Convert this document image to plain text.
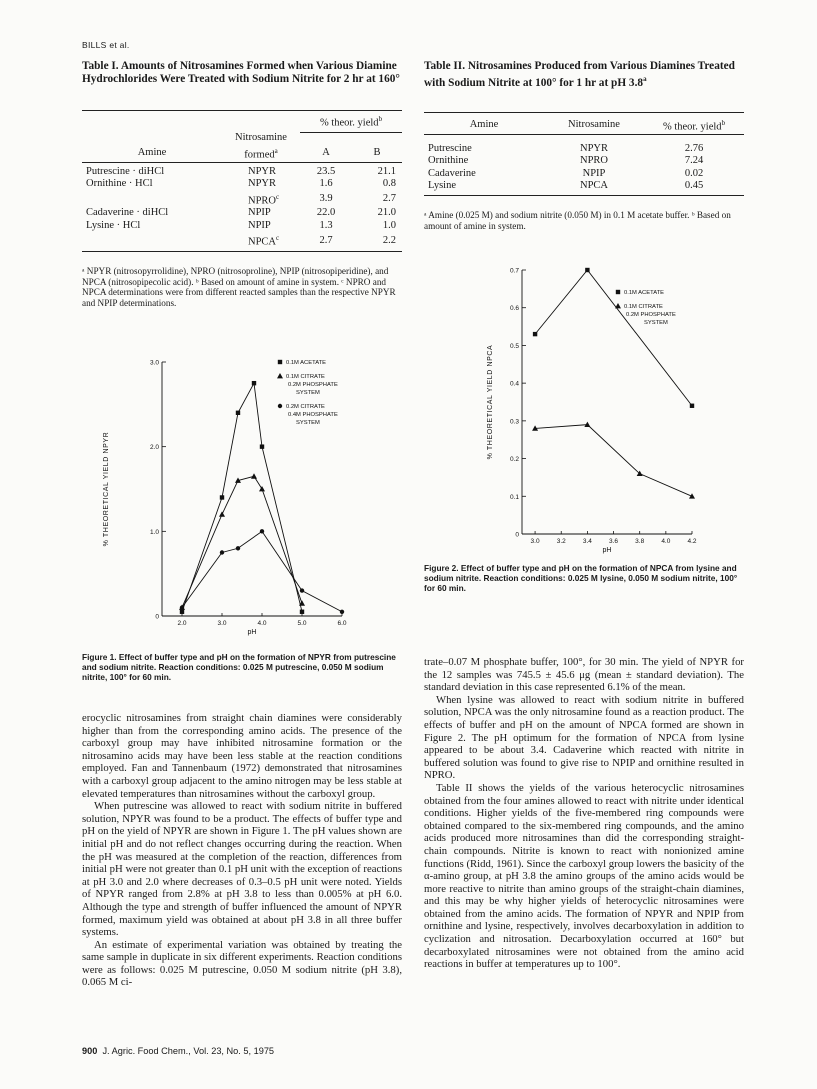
BILLS et al.
Table I. Amounts of Nitrosamines Formed when Various Diamine Hydrochlorides Were Treated with Sodium Nitrite for 2 hr at 160°
		% theor. yield$^b$
	Nitrosamine		
Amine	formed$^a$	A	B

Putrescine · diHCl	NPYR	23.5	21.1
Ornithine · HCl	NPYR	1.6	0.8
	NPRO$^c$	3.9	2.7
Cadaverine · diHCl	NPIP	22.0	21.0
Lysine · HCl	NPIP	1.3	1.0
	NPCA$^c$	2.7	2.2
ᵃ NPYR (nitrosopyrrolidine), NPRO (nitrosoproline), NPIP (nitrosopiperidine), and NPCA (nitrosopipecolic acid). ᵇ Based on amount of amine in system. ᶜ NPRO and NPCA determinations were from different reacted samples than the respective NPYR and NPIP determinations.
Table II. Nitrosamines Produced from Various Diamines Treated with Sodium Nitrite at 100° for 1 hr at pH 3.8$^a$
Amine	Nitrosamine	% theor. yield$^b$

Putrescine	NPYR	2.76
Ornithine	NPRO	7.24
Cadaverine	NPIP	0.02
Lysine	NPCA	0.45
ᵃ Amine (0.025 M) and sodium nitrite (0.050 M) in 0.1 M acetate buffer. ᵇ Based on amount of amine in system.
0
1.0
2.0
3.0
2.0	3.0	4.0	5.0	6.0
pH
% THEORETICAL YIELD NPYR
0.1M ACETATE
0.1M CITRATE
0.2M PHOSPHATE
SYSTEM
0.2M CITRATE
0.4M PHOSPHATE
SYSTEM
Figure 1. Effect of buffer type and pH on the formation of NPYR from putrescine and sodium nitrite. Reaction conditions: 0.025 M putrescine, 0.050 M sodium nitrite, 100° for 60 min.
0
0.1
0.2
0.3
0.4
0.5
0.6
0.7
3.0	3.2	3.4	3.6	3.8	4.0	4.2
pH
% THEORETICAL YIELD NPCA
0.1M ACETATE
0.1M CITRATE
0.2M PHOSPHATE
SYSTEM
Figure 2. Effect of buffer type and pH on the formation of NPCA from lysine and sodium nitrite. Reaction conditions: 0.025 M lysine, 0.050 M sodium nitrite, 100° for 60 min.

erocyclic nitrosamines from straight chain diamines were considerably higher than from the corresponding amino acids. The presence of the carboxyl group may have inhibited nitrosamine formation or the nitrosamino acids may have been less stable at the reaction conditions employed. Fan and Tannenbaum (1972) demonstrated that nitrosamines with a carboxyl group adjacent to the amino nitrogen may be less stable at elevated temperatures than nitrosamines without the carboxyl group.

When putrescine was allowed to react with sodium nitrite in buffered solution, NPYR was found to be a product. The effects of buffer type and pH on the yield of NPYR are shown in Figure 1. The pH values shown are initial pH and do not reflect changes occurring during the reaction. When the pH was measured at the completion of the reaction, differences from initial pH were not greater than 0.1 pH unit with the exception of reactions at pH 3.0 and 2.0 where decreases of 0.3–0.5 pH unit were noted. Yields of NPYR ranged from 2.8% at pH 3.8 to less than 0.005% at pH 6.0. Although the type and strength of buffer influenced the amount of NPYR formed, maximum yield was obtained at about pH 3.8 in all three buffer systems.

An estimate of experimental variation was obtained by treating the same sample in duplicate in six different experiments. Reaction conditions were as follows: 0.025 M putrescine, 0.050 M sodium nitrite (pH 3.8), 0.065 M ci-

trate–0.07 M phosphate buffer, 100°, for 30 min. The yield of NPYR for the 12 samples was 745.5 ± 45.6 μg (mean ± standard deviation). The standard deviation in this case represented 6.1% of the mean.

When lysine was allowed to react with sodium nitrite in buffered solution, NPCA was the only nitrosamine found as a reaction product. The effects of buffer and pH on the amount of NPCA formed are shown in Figure 2. The pH optimum for the formation of NPCA from lysine appeared to be about 3.4. Cadaverine which reacted with nitrite in buffered solution was found to give rise to NPIP and ornithine resulted in NPRO.

Table II shows the yields of the various heterocyclic nitrosamines obtained from the four amines allowed to react with nitrite under identical conditions. Higher yields of the five-membered ring compounds were obtained compared to the six-membered ring compounds, and the amino acids produced more nitrosamines than did the corresponding straight-chain compounds. Nitrite is known to react with nonionized amine functions (Ridd, 1961). Since the carboxyl group lowers the basicity of the α-amino group, at pH 3.8 the amino groups of the amino acids would be more reactive to nitrite than amino groups of the straight-chain diamines, and this may be why higher yields of heterocyclic nitrosamines were obtained from the amino acids. The formation of NPYR and NPIP from ornithine and lysine, respectively, involves decarboxylation in addition to cyclization and nitrosation. Decarboxylation occurred at 160° but decarboxylated nitrosamines were not obtained from the amino acid reactions in buffer at temperatures up to 100°.

900 J. Agric. Food Chem., Vol. 23, No. 5, 1975
